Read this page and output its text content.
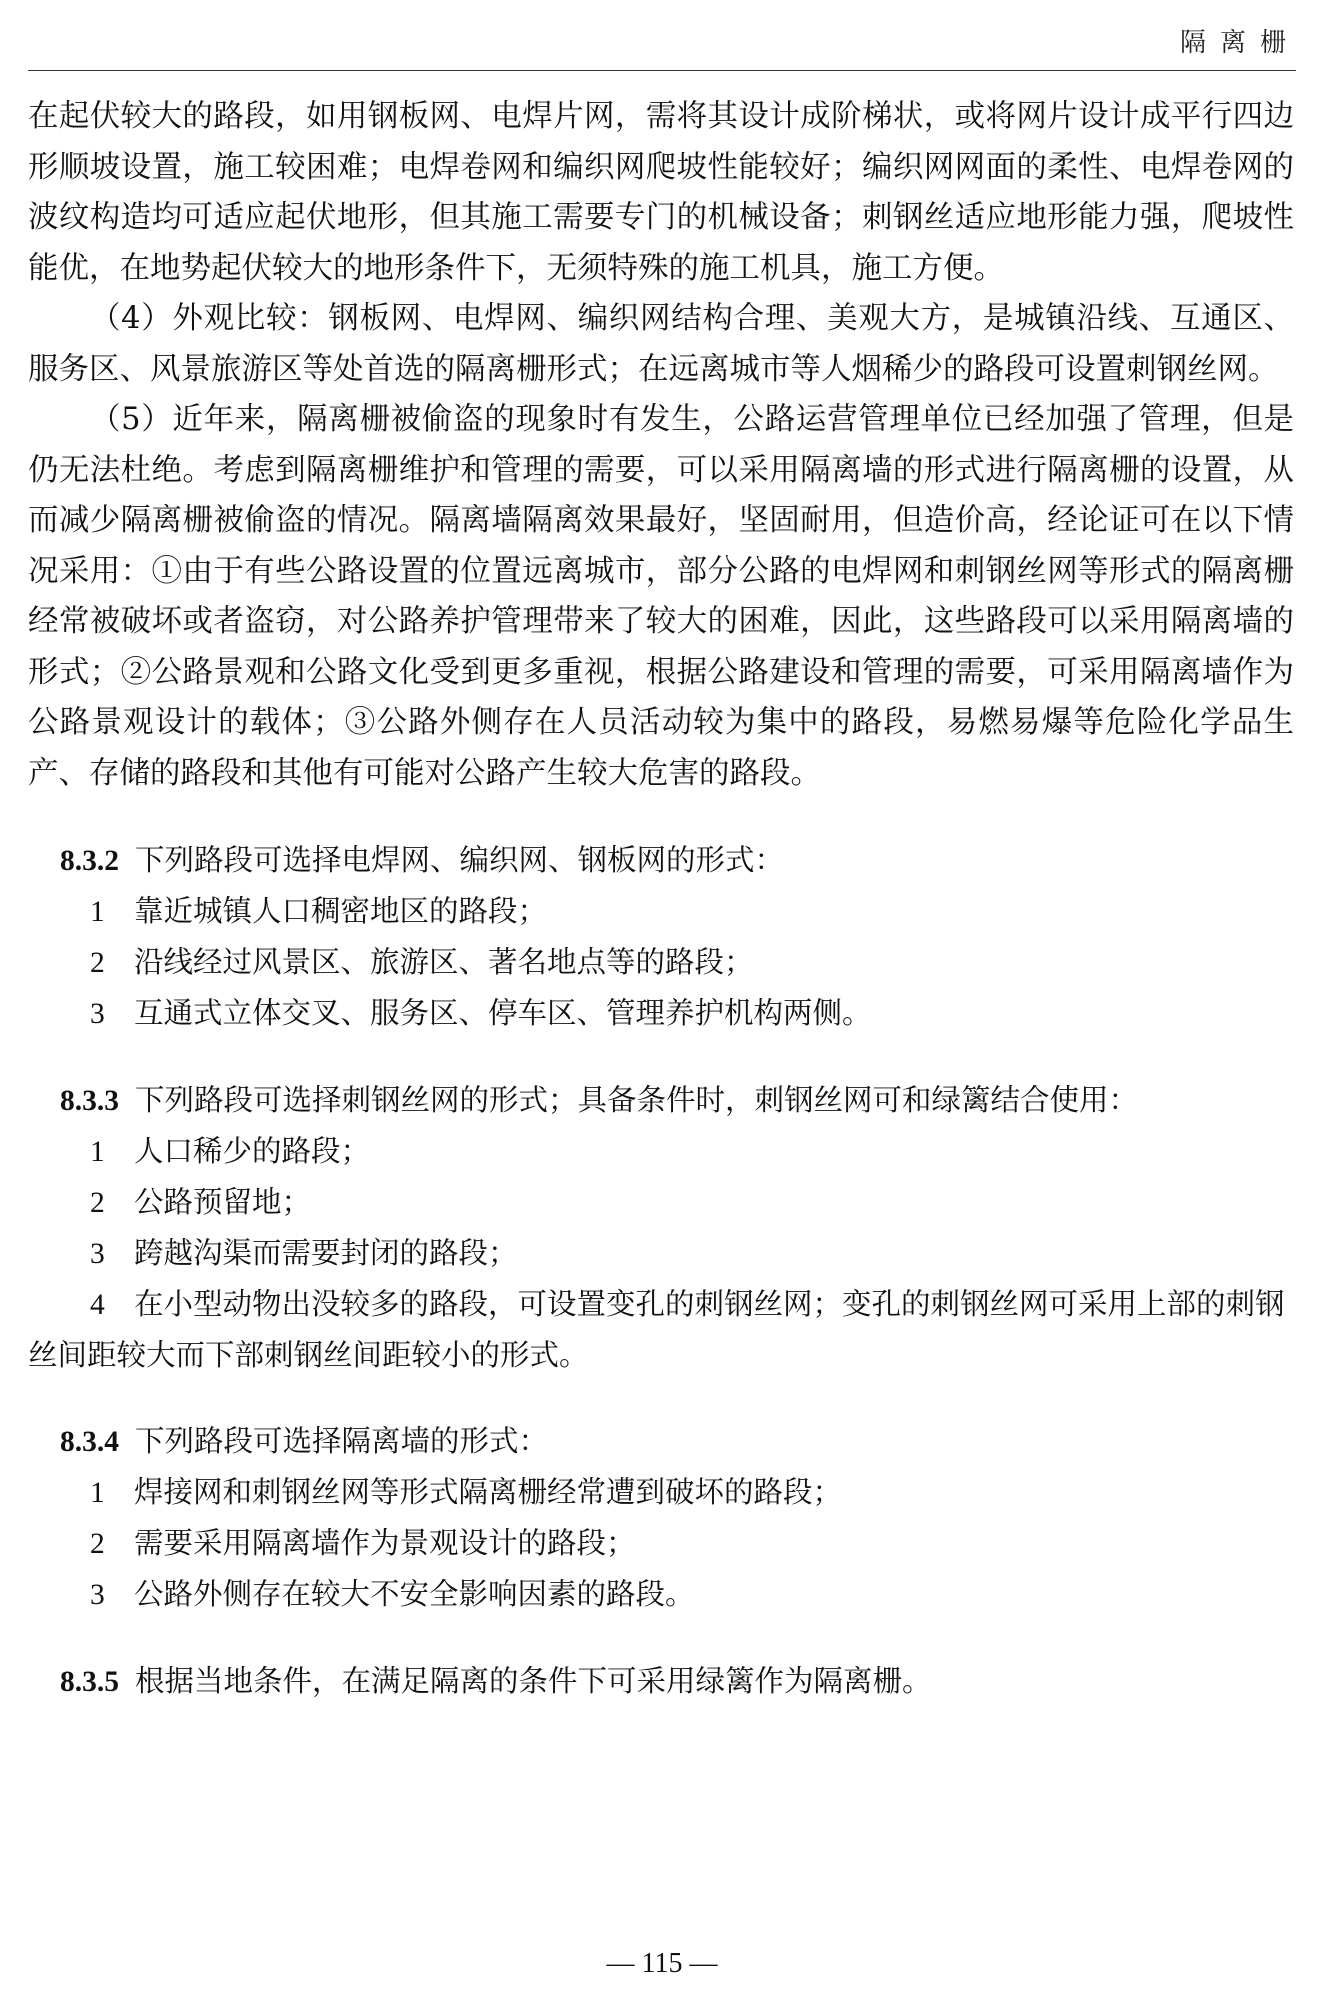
隔离栅

在起伏较大的路段，如用钢板网、电焊片网，需将其设计成阶梯状，或将网片设计成平行四边形顺坡设置，施工较困难；电焊卷网和编织网爬坡性能较好；编织网网面的柔性、电焊卷网的波纹构造均可适应起伏地形，但其施工需要专门的机械设备；刺钢丝适应地形能力强，爬坡性能优，在地势起伏较大的地形条件下，无须特殊的施工机具，施工方便。

（4）外观比较：钢板网、电焊网、编织网结构合理、美观大方，是城镇沿线、互通区、服务区、风景旅游区等处首选的隔离栅形式；在远离城市等人烟稀少的路段可设置刺钢丝网。

（5）近年来，隔离栅被偷盗的现象时有发生，公路运营管理单位已经加强了管理，但是仍无法杜绝。考虑到隔离栅维护和管理的需要，可以采用隔离墙的形式进行隔离栅的设置，从而减少隔离栅被偷盗的情况。隔离墙隔离效果最好，坚固耐用，但造价高，经论证可在以下情况采用：①由于有些公路设置的位置远离城市，部分公路的电焊网和刺钢丝网等形式的隔离栅经常被破坏或者盗窃，对公路养护管理带来了较大的困难，因此，这些路段可以采用隔离墙的形式；②公路景观和公路文化受到更多重视，根据公路建设和管理的需要，可采用隔离墙作为公路景观设计的载体；③公路外侧存在人员活动较为集中的路段，易燃易爆等危险化学品生产、存储的路段和其他有可能对公路产生较大危害的路段。

8.3.2 下列路段可选择电焊网、编织网、钢板网的形式：

1 靠近城镇人口稠密地区的路段；

2 沿线经过风景区、旅游区、著名地点等的路段；

3 互通式立体交叉、服务区、停车区、管理养护机构两侧。

8.3.3 下列路段可选择刺钢丝网的形式；具备条件时，刺钢丝网可和绿篱结合使用：

1 人口稀少的路段；

2 公路预留地；

3 跨越沟渠而需要封闭的路段；

4 在小型动物出没较多的路段，可设置变孔的刺钢丝网；变孔的刺钢丝网可采用上部的刺钢丝间距较大而下部刺钢丝间距较小的形式。

8.3.4 下列路段可选择隔离墙的形式：

1 焊接网和刺钢丝网等形式隔离栅经常遭到破坏的路段；

2 需要采用隔离墙作为景观设计的路段；

3 公路外侧存在较大不安全影响因素的路段。

8.3.5 根据当地条件，在满足隔离的条件下可采用绿篱作为隔离栅。

— 115 —
